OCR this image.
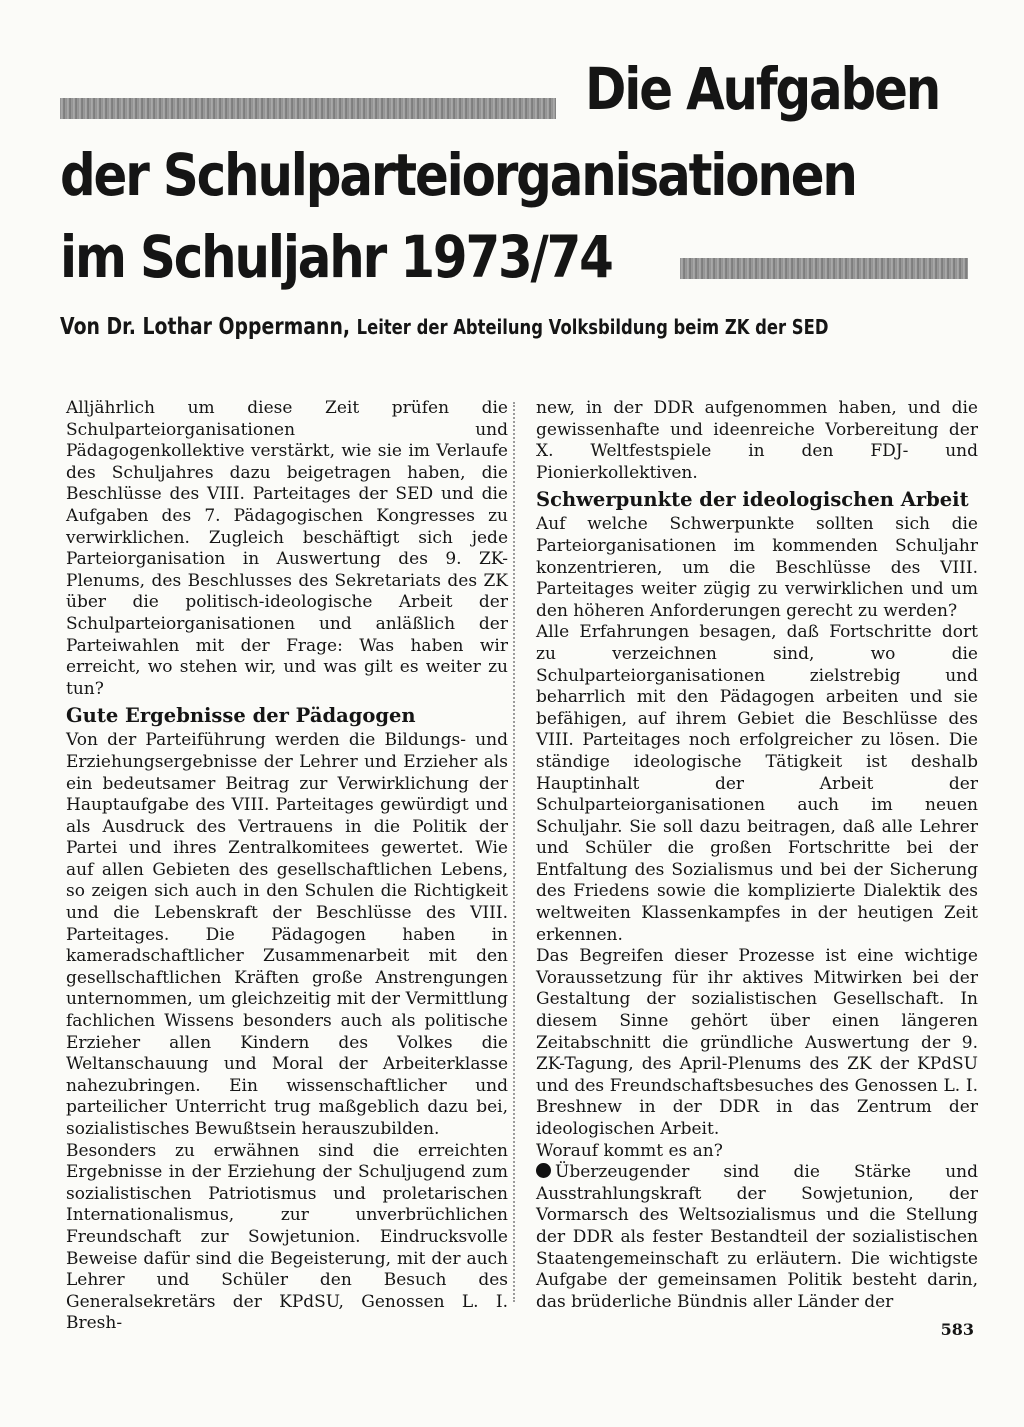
Die Aufgaben
der Schulparteiorganisationen
im Schuljahr 1973/74

Von Dr. Lothar Oppermann, Leiter der Abteilung Volksbildung beim ZK der SED

Alljährlich um diese Zeit prüfen die Schulparteiorganisationen und Pädagogenkollektive verstärkt, wie sie im Verlaufe des Schuljahres dazu beigetragen haben, die Beschlüsse des VIII. Parteitages der SED und die Aufgaben des 7. Pädagogischen Kongresses zu verwirklichen. Zugleich beschäftigt sich jede Parteiorganisation in Auswertung des 9. ZK-Plenums, des Beschlusses des Sekretariats des ZK über die politisch-ideologische Arbeit der Schulparteiorganisationen und anläßlich der Parteiwahlen mit der Frage: Was haben wir erreicht, wo stehen wir, und was gilt es weiter zu tun?

Gute Ergebnisse der Pädagogen

Von der Parteiführung werden die Bildungs- und Erziehungsergebnisse der Lehrer und Erzieher als ein bedeutsamer Beitrag zur Verwirklichung der Hauptaufgabe des VIII. Parteitages gewürdigt und als Ausdruck des Vertrauens in die Politik der Partei und ihres Zentralkomitees gewertet. Wie auf allen Gebieten des gesellschaftlichen Lebens, so zeigen sich auch in den Schulen die Richtigkeit und die Lebenskraft der Beschlüsse des VIII. Parteitages. Die Pädagogen haben in kameradschaftlicher Zusammenarbeit mit den gesellschaftlichen Kräften große Anstrengungen unternommen, um gleichzeitig mit der Vermittlung fachlichen Wissens besonders auch als politische Erzieher allen Kindern des Volkes die Weltanschauung und Moral der Arbeiterklasse nahezubringen. Ein wissenschaftlicher und parteilicher Unterricht trug maßgeblich dazu bei, sozialistisches Bewußtsein herauszubilden.

Besonders zu erwähnen sind die erreichten Ergebnisse in der Erziehung der Schuljugend zum sozialistischen Patriotismus und proletarischen Internationalismus, zur unverbrüchlichen Freundschaft zur Sowjetunion. Eindrucksvolle Beweise dafür sind die Begeisterung, mit der auch Lehrer und Schüler den Besuch des Generalsekretärs der KPdSU, Genossen L. I. Bresh-

new, in der DDR aufgenommen haben, und die gewissenhafte und ideenreiche Vorbereitung der X. Weltfestspiele in den FDJ- und Pionierkollektiven.

Schwerpunkte der ideologischen Arbeit

Auf welche Schwerpunkte sollten sich die Parteiorganisationen im kommenden Schuljahr konzentrieren, um die Beschlüsse des VIII. Parteitages weiter zügig zu verwirklichen und um den höheren Anforderungen gerecht zu werden?

Alle Erfahrungen besagen, daß Fortschritte dort zu verzeichnen sind, wo die Schulparteiorganisationen zielstrebig und beharrlich mit den Pädagogen arbeiten und sie befähigen, auf ihrem Gebiet die Beschlüsse des VIII. Parteitages noch erfolgreicher zu lösen. Die ständige ideologische Tätigkeit ist deshalb Hauptinhalt der Arbeit der Schulparteiorganisationen auch im neuen Schuljahr. Sie soll dazu beitragen, daß alle Lehrer und Schüler die großen Fortschritte bei der Entfaltung des Sozialismus und bei der Sicherung des Friedens sowie die komplizierte Dialektik des weltweiten Klassenkampfes in der heutigen Zeit erkennen.

Das Begreifen dieser Prozesse ist eine wichtige Voraussetzung für ihr aktives Mitwirken bei der Gestaltung der sozialistischen Gesellschaft. In diesem Sinne gehört über einen längeren Zeitabschnitt die gründliche Auswertung der 9. ZK-Tagung, des April-Plenums des ZK der KPdSU und des Freundschaftsbesuches des Genossen L. I. Breshnew in der DDR in das Zentrum der ideologischen Arbeit.

Worauf kommt es an?

Überzeugender sind die Stärke und Ausstrahlungskraft der Sowjetunion, der Vormarsch des Weltsozialismus und die Stellung der DDR als fester Bestandteil der sozialistischen Staatengemeinschaft zu erläutern. Die wichtigste Aufgabe der gemeinsamen Politik besteht darin, das brüderliche Bündnis aller Länder der

583
